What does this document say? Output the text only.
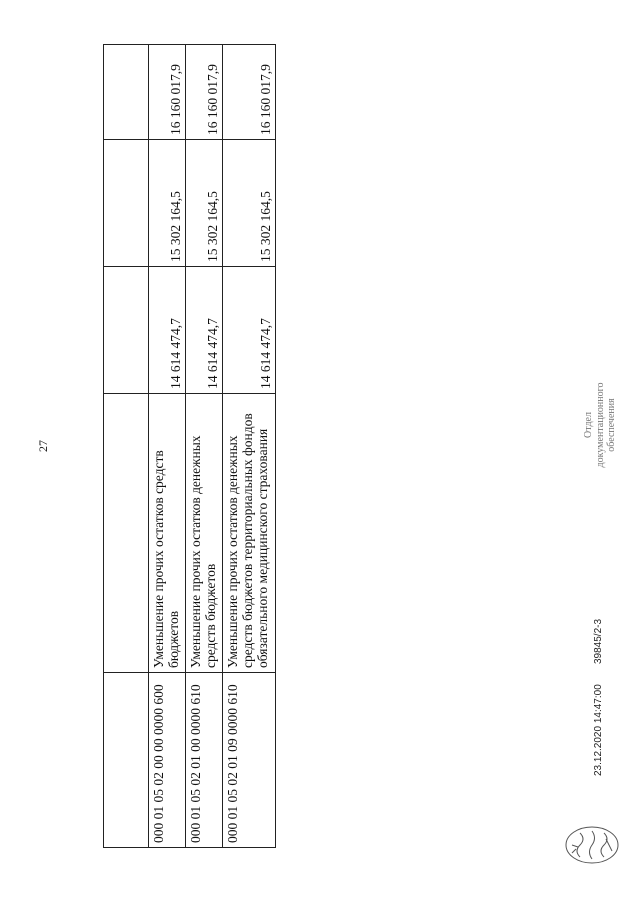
27

000 01 05 02 00 00 0000 600	Уменьшение прочих остатков средств бюджетов	14 614 474,7	15 302 164,5	16 160 017,9
000 01 05 02 01 00 0000 610	Уменьшение прочих остатков денежных средств бюджетов	14 614 474,7	15 302 164,5	16 160 017,9
000 01 05 02 01 09 0000 610	Уменьшение прочих остатков денежных средств бюджетов территориальных фондов обязательного медицинского страхования	14 614 474,7	15 302 164,5	16 160 017,9
23.12.2020 14:47:00
39845/2-3
Отдел документационного обеспечения
